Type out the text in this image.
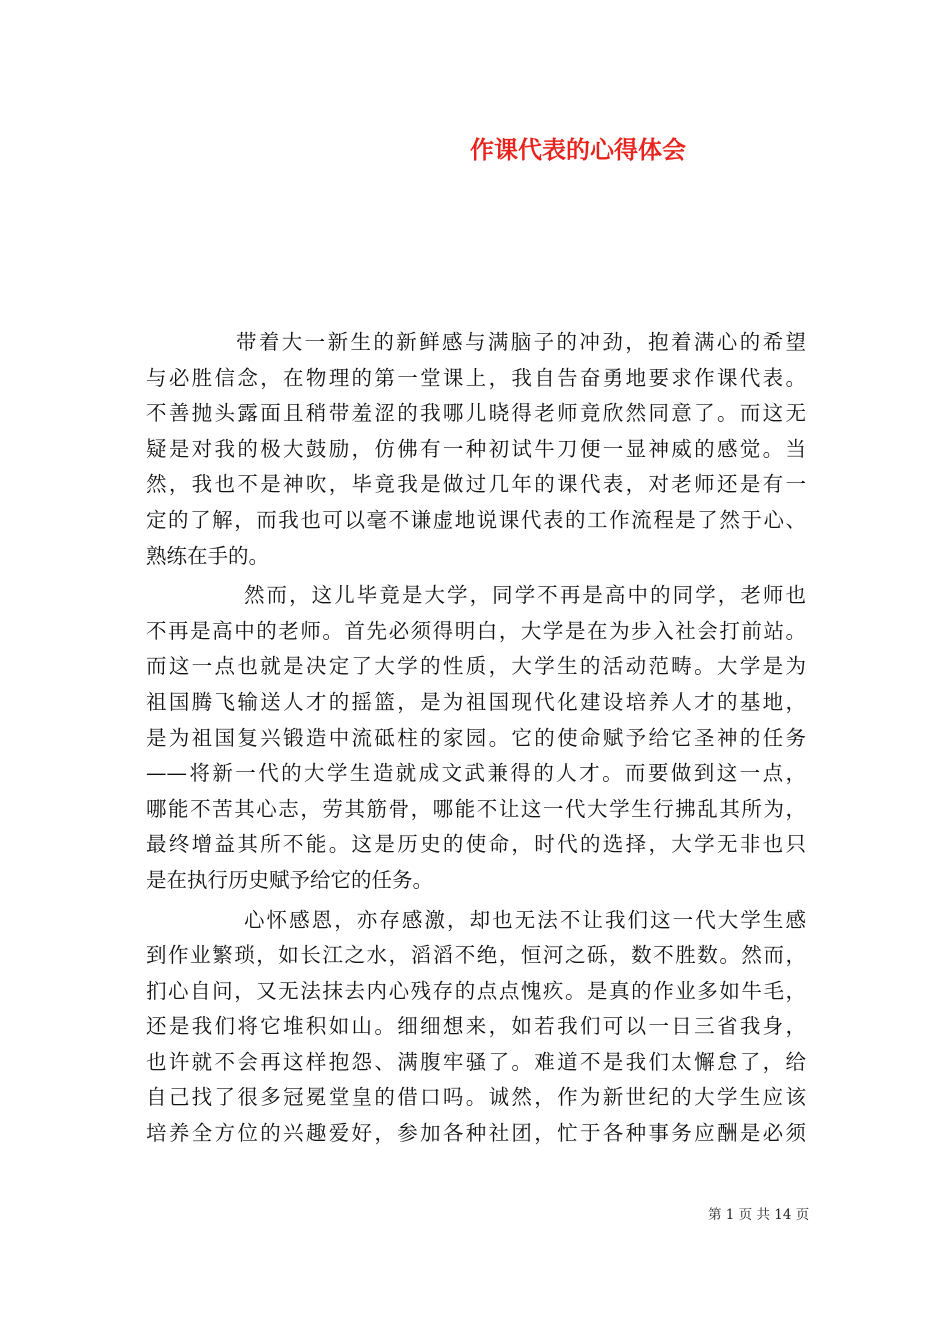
作课代表的心得体会

带着大一新生的新鲜感与满脑子的冲劲，抱着满心的希望
与必胜信念，在物理的第一堂课上，我自告奋勇地要求作课代表。
不善抛头露面且稍带羞涩的我哪儿晓得老师竟欣然同意了。而这无
疑是对我的极大鼓励，仿佛有一种初试牛刀便一显神威的感觉。当
然，我也不是神吹，毕竟我是做过几年的课代表，对老师还是有一
定的了解，而我也可以毫不谦虚地说课代表的工作流程是了然于心、
熟练在手的。

然而，这儿毕竟是大学，同学不再是高中的同学，老师也
不再是高中的老师。首先必须得明白，大学是在为步入社会打前站。
而这一点也就是决定了大学的性质，大学生的活动范畴。大学是为
祖国腾飞输送人才的摇篮，是为祖国现代化建设培养人才的基地，
是为祖国复兴锻造中流砥柱的家园。它的使命赋予给它圣神的任务
——将新一代的大学生造就成文武兼得的人才。而要做到这一点，
哪能不苦其心志，劳其筋骨，哪能不让这一代大学生行拂乱其所为，
最终增益其所不能。这是历史的使命，时代的选择，大学无非也只
是在执行历史赋予给它的任务。

心怀感恩，亦存感激，却也无法不让我们这一代大学生感
到作业繁琐，如长江之水，滔滔不绝，恒河之砾，数不胜数。然而，
扪心自问，又无法抹去内心残存的点点愧疚。是真的作业多如牛毛，
还是我们将它堆积如山。细细想来，如若我们可以一日三省我身，
也许就不会再这样抱怨、满腹牢骚了。难道不是我们太懈怠了，给
自己找了很多冠冕堂皇的借口吗。诚然，作为新世纪的大学生应该
培养全方位的兴趣爱好，参加各种社团，忙于各种事务应酬是必须

第 1 页 共 14 页
